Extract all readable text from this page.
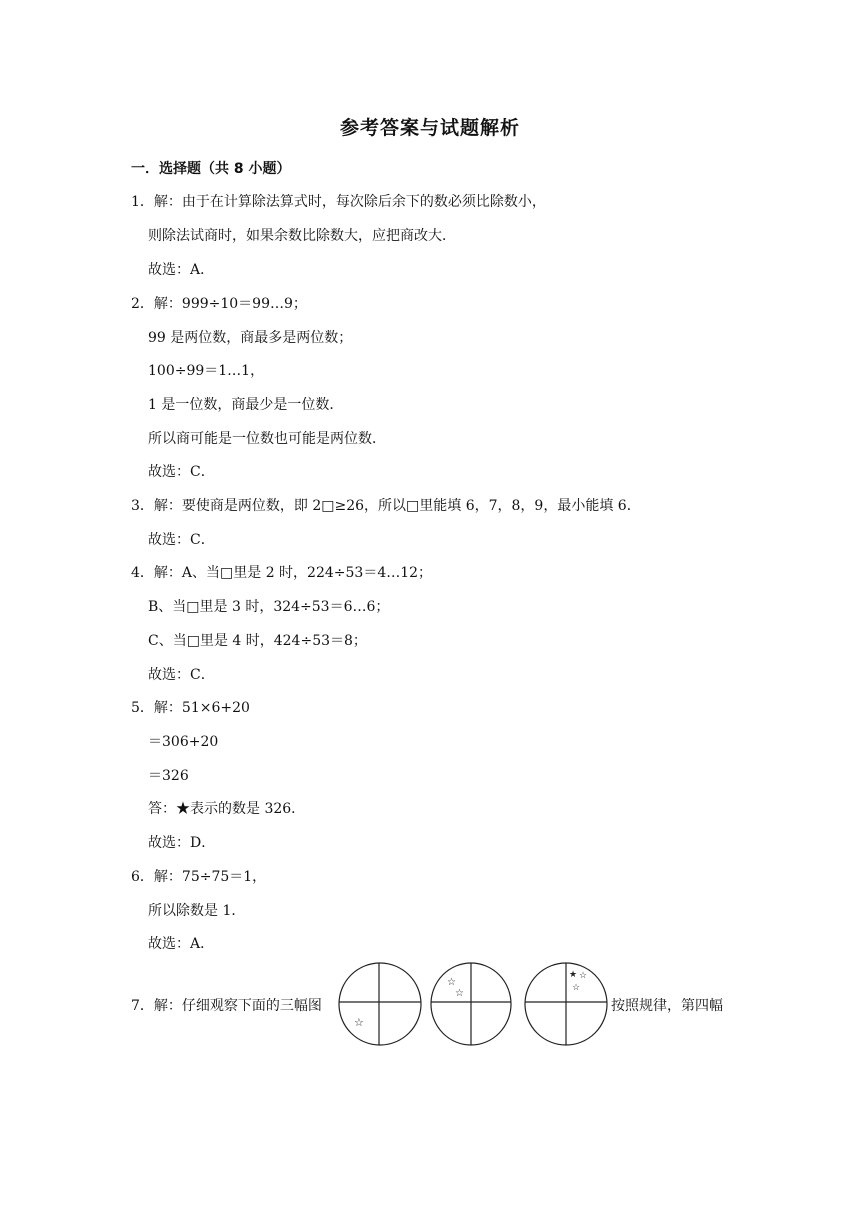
参考答案与试题解析
一．选择题（共 8 小题）
1．解：由于在计算除法算式时，每次除后余下的数必须比除数小，
则除法试商时，如果余数比除数大，应把商改大．
故选：A．
2．解：999÷10＝99…9；
99 是两位数，商最多是两位数；
100÷99＝1…1，
1 是一位数，商最少是一位数．
所以商可能是一位数也可能是两位数．
故选：C．
3．解：要使商是两位数，即 2□≥26，所以□里能填 6，7，8，9，最小能填 6．
故选：C．
4．解：A、当□里是 2 时，224÷53＝4…12；
B、当□里是 3 时，324÷53＝6…6；
C、当□里是 4 时，424÷53＝8；
故选：C．
5．解：51×6+20
＝306+20
＝326
答：★表示的数是 326．
故选：D．
6．解：75÷75＝1，
所以除数是 1．
故选：A．
7．解：仔细观察下面的三幅图
☆
☆
☆
★ ☆
☆
按照规律，第四幅
